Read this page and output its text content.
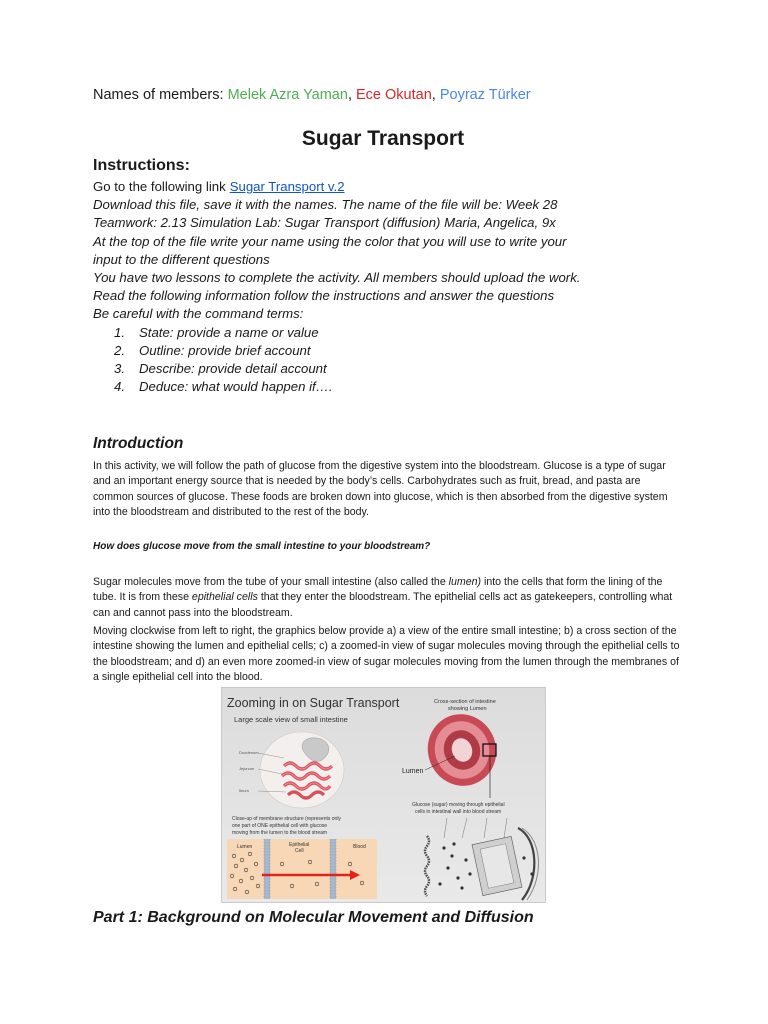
Names of members: Melek Azra Yaman, Ece Okutan, Poyraz Türker
Sugar Transport
Instructions:
Go to the following link Sugar Transport v.2
Download this file, save it with the names. The name of the file will be: Week 28
Teamwork: 2.13 Simulation Lab: Sugar Transport (diffusion) Maria, Angelica, 9x
At the top of the file write your name using the color that you will use to write your
input to the different questions
You have two lessons to complete the activity. All members should upload the work.
Read the following information follow the instructions and answer the questions
Be careful with the command terms:
1. State: provide a name or value
2. Outline: provide brief account
3. Describe: provide detail account
4. Deduce: what would happen if….
Introduction
In this activity, we will follow the path of glucose from the digestive system into the bloodstream. Glucose is a type of sugar and an important energy source that is needed by the body’s cells. Carbohydrates such as fruit, bread, and pasta are common sources of glucose. These foods are broken down into glucose, which is then absorbed from the digestive system into the bloodstream and distributed to the rest of the body.
How does glucose move from the small intestine to your bloodstream?
Sugar molecules move from the tube of your small intestine (also called the lumen) into the cells that form the lining of the tube. It is from these epithelial cells that they enter the bloodstream. The epithelial cells act as gatekeepers, controlling what can and cannot pass into the bloodstream.
Moving clockwise from left to right, the graphics below provide a) a view of the entire small intestine; b) a cross section of the intestine showing the lumen and epithelial cells; c) a zoomed-in view of sugar molecules moving through the epithelial cells to the bloodstream; and d) an even more zoomed-in view of sugar molecules moving from the lumen through the membranes of a single epithelial cell into the blood.
Zooming in on Sugar Transport
Large scale view of small intestine
Cross-section of intestine
showing Lumen
Duodenum
Jejunum
Ileum
Lumen
Glucose (sugar) moving through epithelial
cells in intestinal wall into blood stream
Close-up of membrane structure (represents only
one part of ONE epithelial cell with glucose
moving from the lumen to the blood stream
Lumen	Epithelial
Cell
Blood
Part 1: Background on Molecular Movement and Diffusion
